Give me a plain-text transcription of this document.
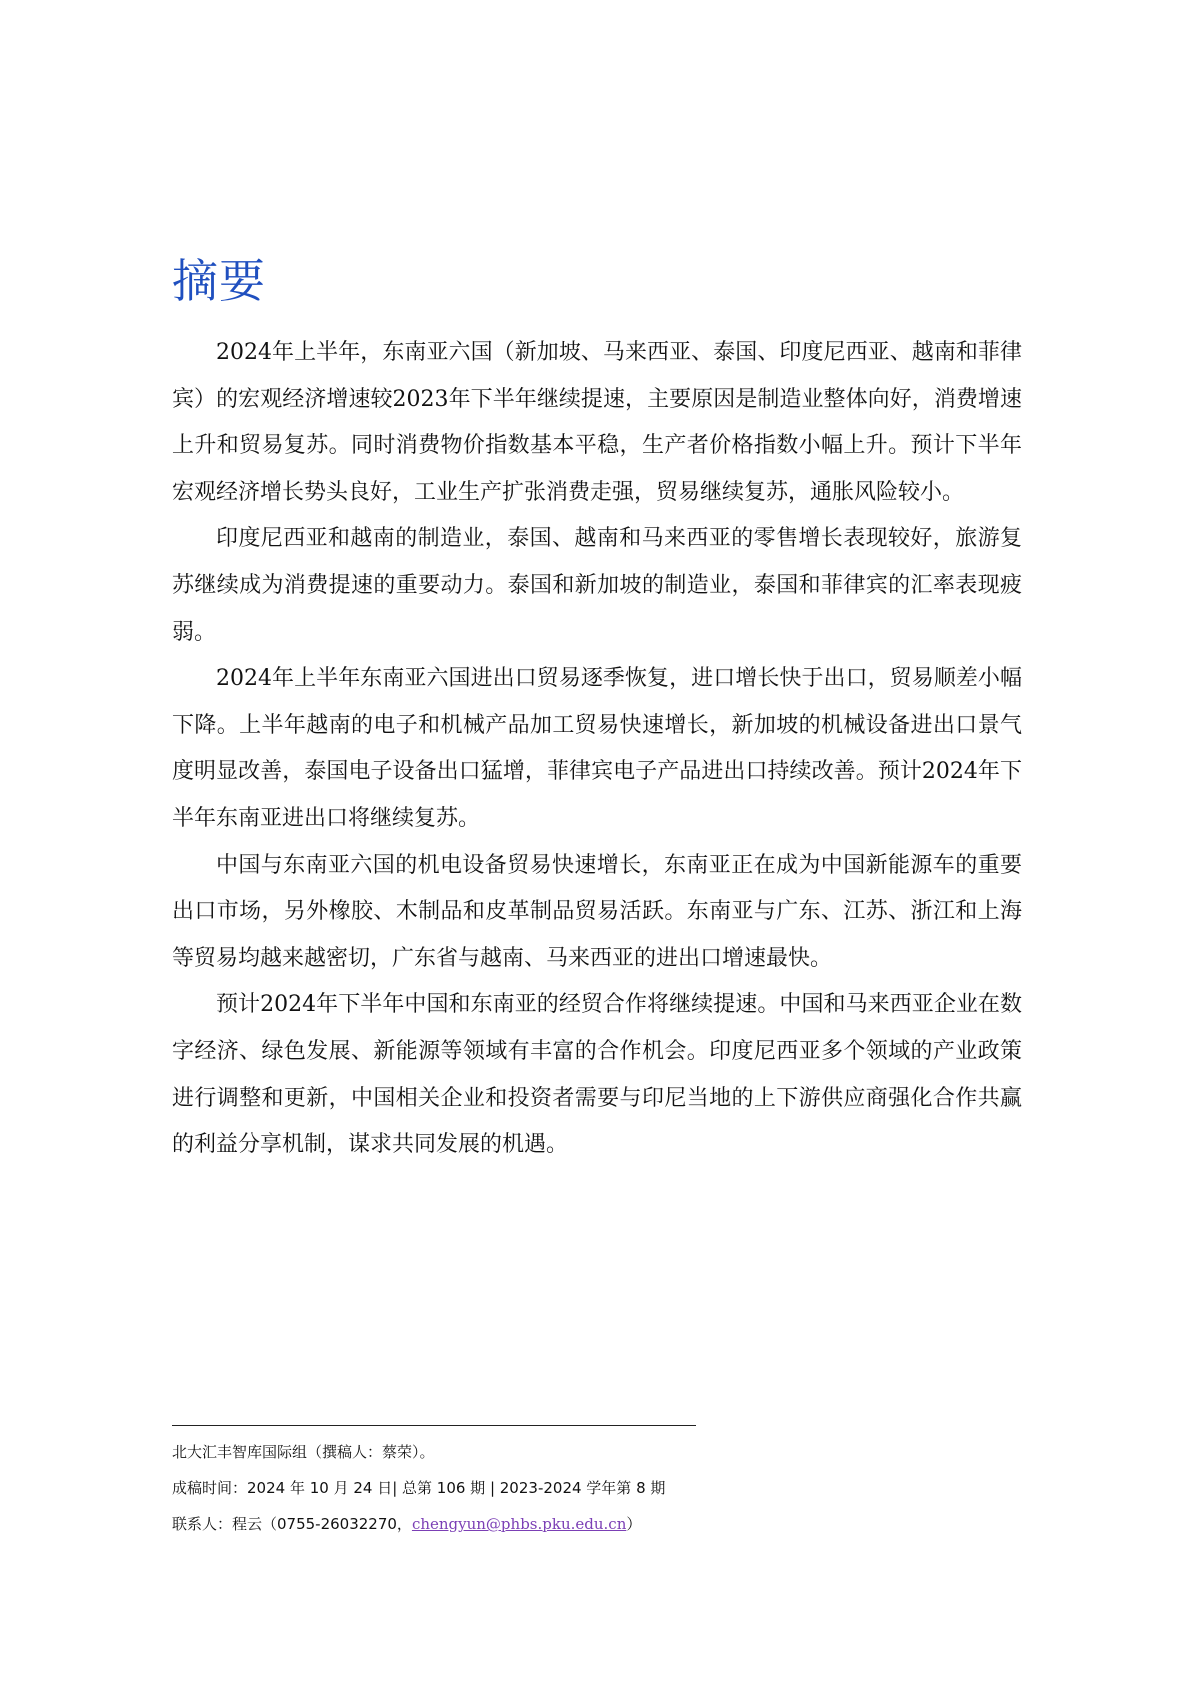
摘要

2024年上半年，东南亚六国（新加坡、马来西亚、泰国、印度尼西亚、越南和菲律宾）的宏观经济增速较2023年下半年继续提速，主要原因是制造业整体向好，消费增速上升和贸易复苏。同时消费物价指数基本平稳，生产者价格指数小幅上升。预计下半年宏观经济增长势头良好，工业生产扩张消费走强，贸易继续复苏，通胀风险较小。

印度尼西亚和越南的制造业，泰国、越南和马来西亚的零售增长表现较好，旅游复苏继续成为消费提速的重要动力。泰国和新加坡的制造业，泰国和菲律宾的汇率表现疲弱。

2024年上半年东南亚六国进出口贸易逐季恢复，进口增长快于出口，贸易顺差小幅下降。上半年越南的电子和机械产品加工贸易快速增长，新加坡的机械设备进出口景气度明显改善，泰国电子设备出口猛增，菲律宾电子产品进出口持续改善。预计2024年下半年东南亚进出口将继续复苏。

中国与东南亚六国的机电设备贸易快速增长，东南亚正在成为中国新能源车的重要出口市场，另外橡胶、木制品和皮革制品贸易活跃。东南亚与广东、江苏、浙江和上海等贸易均越来越密切，广东省与越南、马来西亚的进出口增速最快。

预计2024年下半年中国和东南亚的经贸合作将继续提速。中国和马来西亚企业在数字经济、绿色发展、新能源等领域有丰富的合作机会。印度尼西亚多个领域的产业政策进行调整和更新，中国相关企业和投资者需要与印尼当地的上下游供应商强化合作共赢的利益分享机制，谋求共同发展的机遇。

北大汇丰智库国际组（撰稿人：蔡荣）。
成稿时间：2024 年 10 月 24 日| 总第 106 期 | 2023-2024 学年第 8 期
联系人：程云（0755-26032270，chengyun@phbs.pku.edu.cn）
